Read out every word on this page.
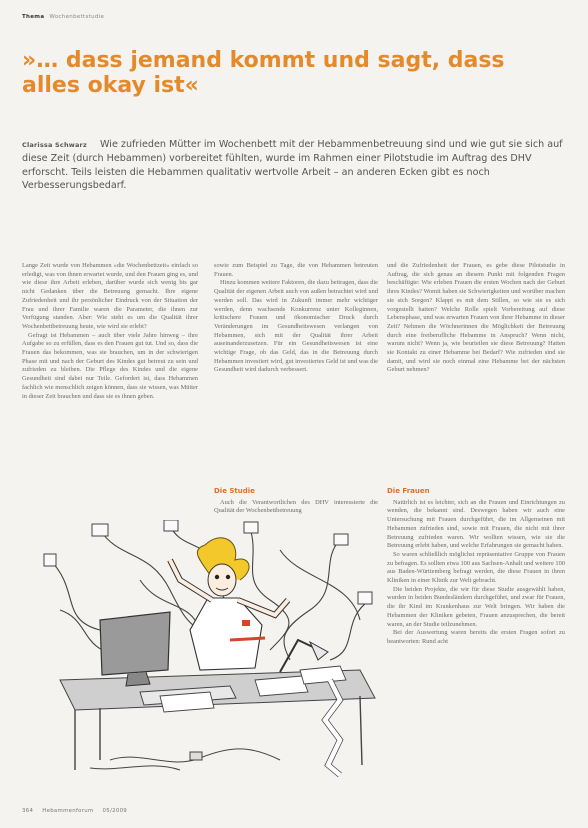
Thema Wochenbettstudie
»… dass jemand kommt und sagt, dass alles okay ist«
Clarissa Schwarz Wie zufrieden Mütter im Wochenbett mit der Hebammenbetreuung sind und wie gut sie sich auf diese Zeit (durch Hebammen) vorbereitet fühlten, wurde im Rahmen einer Pilotstudie im Auftrag des DHV erforscht. Teils leisten die Hebammen qualitativ wertvolle Arbeit – an anderen Ecken gibt es noch Verbesserungsbedarf.

Lange Zeit wurde von Hebammen »die Wochenbettzeit« einfach so erledigt, was von ihnen erwartet wurde, und den Frauen ging es, und wie diese ihre Arbeit erleben, darüber wurde sich wenig bis gar nicht Gedanken über die Betreuung gemacht. Ihre eigene Zufriedenheit und ihr persönlicher Eindruck von der Situation der Frau und ihrer Familie waren die Parameter, die ihnen zur Verfügung standen. Aber: Wie steht es um die Qualität ihrer Wochenbettbetreuung heute, wie wird sie erlebt?

Gefragt ist Hebammen – auch über viele Jahre hinweg – ihre Aufgabe so zu erfüllen, dass es den Frauen gut tut. Und so, dass die Frauen das bekommen, was sie brauchen, um in der schwierigen Phase mit und nach der Geburt des Kindes gut betreut zu sein und zufrieden zu bleiben. Die Pflege des Kindes und die eigene Gesundheit sind dabei nur Teile. Gefordert ist, dass Hebammen fachlich wie menschlich zeigen können, dass sie wissen, was Mütter in dieser Zeit brauchen und dass sie es ihnen geben.

sowie zum Beispiel zu Tage, die von Hebammen betreuten Frauen.

Hinzu kommen weitere Faktoren, die dazu beitragen, dass die Qualität der eigenen Arbeit auch von außen betrachtet wird und werden soll. Das wird in Zukunft immer mehr wichtiger werden, denn wachsende Konkurrenz unter Kolleginnen, kritischere Frauen und ökonomischer Druck durch Veränderungen im Gesundheitswesen verlangen von Hebammen, sich mit der Qualität ihrer Arbeit auseinanderzusetzen. Für ein Gesundheitswesen ist eine wichtige Frage, ob das Geld, das in die Betreuung durch Hebammen investiert wird, gut investiertes Geld ist und was die Gesundheit wird dadurch verbessert.

und die Zufriedenheit der Frauen, es gebe diese Pilotstudie in Auftrag, die sich genau an diesem Punkt mit folgenden Fragen beschäftigte: Wie erleben Frauen die ersten Wochen nach der Geburt ihres Kindes? Womit haben sie Schwierigkeiten und worüber machen sie sich Sorgen? Klappt es mit dem Stillen, so wie sie es sich vorgestellt hatten? Welche Rolle spielt Vorbereitung auf diese Lebensphase, und was erwarten Frauen von ihrer Hebamme in dieser Zeit? Nehmen die Wöchnerinnen die Möglichkeit der Betreuung durch eine freiberufliche Hebamme in Anspruch? Wenn nicht, warum nicht? Wenn ja, wie beurteilen sie diese Betreuung? Hatten sie Kontakt zu einer Hebamme bei Bedarf? Wie zufrieden sind sie damit, und wird sie noch einmal eine Hebamme bei der nächsten Geburt nehmen?

Die Studie

Auch die Verantwortlichen des DHV interessierte die Qualität der Wochenbettbetreuung

Die Frauen

Natürlich ist es leichter, sich an die Frauen und Einrichtungen zu wenden, die bekannt sind. Deswegen haben wir auch eine Untersuchung mit Frauen durchgeführt, die im Allgemeinen mit Hebammen zufrieden sind, sowie mit Frauen, die nicht mit ihrer Betreuung zufrieden waren. Wir wollten wissen, wie sie die Betreuung erlebt haben, und welche Erfahrungen sie gemacht haben.

So waren schließlich möglichst repräsentative Gruppe von Frauen zu befragen. Es sollten etwa 100 aus Sachsen-Anhalt und weitere 100 aus Baden-Württemberg befragt werden, die diese Frauen in ihren Kliniken in einer Klinik zur Welt gebracht.

Die beiden Projekte, die wir für diese Studie ausgewählt haben, wurden in beiden Bundesländern durchgeführt, und zwar für Frauen, die ihr Kind im Krankenhaus zur Welt bringen. Wir haben die Hebammen der Kliniken gebeten, Frauen anzusprechen, die bereit waren, an der Studie teilzunehmen.

Bei der Auswertung waren bereits die ersten Fragen sofort zu beantworten: Rund acht

364 Hebammenforum 05/2009
